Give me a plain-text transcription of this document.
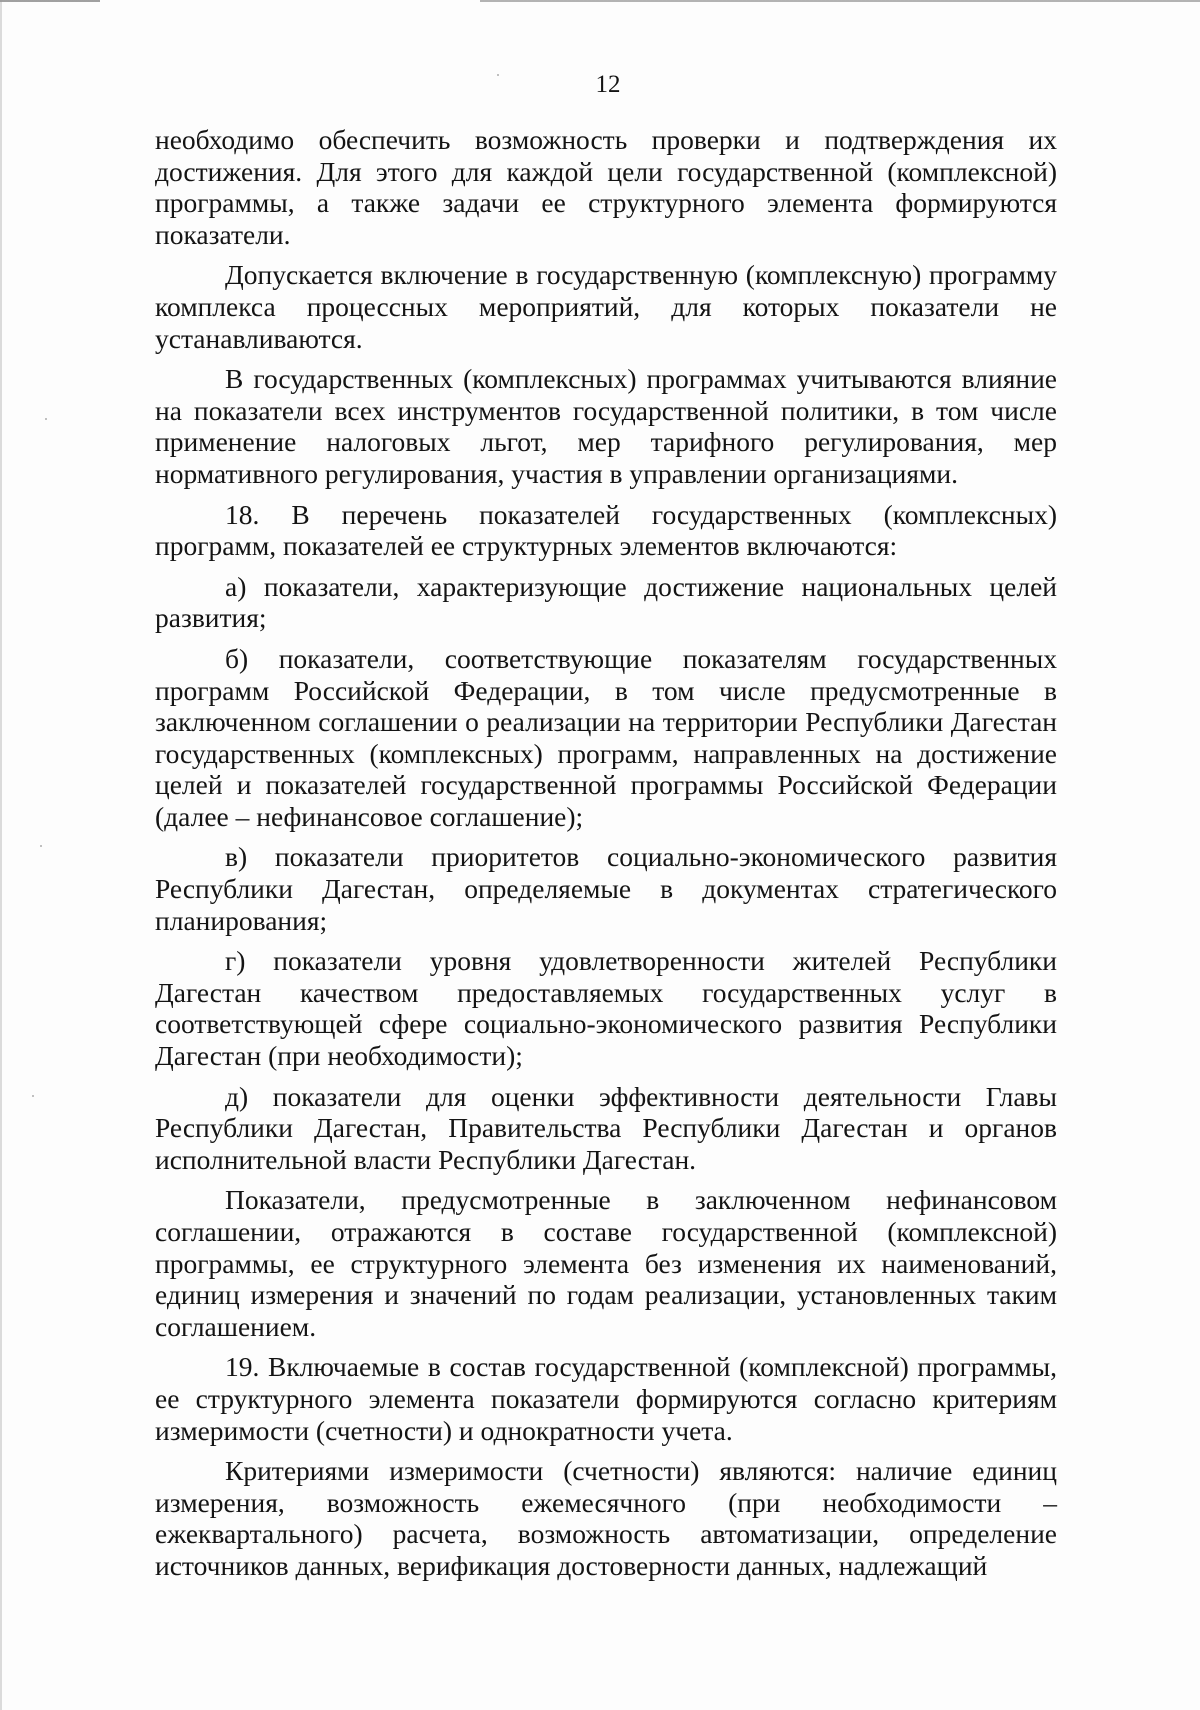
12

необходимо обеспечить возможность проверки и подтверждения их достижения. Для этого для каждой цели государственной (комплексной) программы, а также задачи ее структурного элемента формируются показатели.

Допускается включение в государственную (комплексную) программу комплекса процессных мероприятий, для которых показатели не устанавливаются.

В государственных (комплексных) программах учитываются влияние на показатели всех инструментов государственной политики, в том числе применение налоговых льгот, мер тарифного регулирования, мер нормативного регулирования, участия в управлении организациями.

18. В перечень показателей государственных (комплексных) программ, показателей ее структурных элементов включаются:

а) показатели, характеризующие достижение национальных целей развития;

б) показатели, соответствующие показателям государственных программ Российской Федерации, в том числе предусмотренные в заключенном соглашении о реализации на территории Республики Дагестан государственных (комплексных) программ, направленных на достижение целей и показателей государственной программы Российской Федерации (далее – нефинансовое соглашение);

в) показатели приоритетов социально-экономического развития Республики Дагестан, определяемые в документах стратегического планирования;

г) показатели уровня удовлетворенности жителей Республики Дагестан качеством предоставляемых государственных услуг в соответствующей сфере социально-экономического развития Республики Дагестан (при необходимости);

д) показатели для оценки эффективности деятельности Главы Республики Дагестан, Правительства Республики Дагестан и органов исполнительной власти Республики Дагестан.

Показатели, предусмотренные в заключенном нефинансовом соглашении, отражаются в составе государственной (комплексной) программы, ее структурного элемента без изменения их наименований, единиц измерения и значений по годам реализации, установленных таким соглашением.

19. Включаемые в состав государственной (комплексной) программы, ее структурного элемента показатели формируются согласно критериям измеримости (счетности) и однократности учета.

Критериями измеримости (счетности) являются: наличие единиц измерения, возможность ежемесячного (при необходимости – ежеквартального) расчета, возможность автоматизации, определение источников данных, верификация достоверности данных, надлежащий
